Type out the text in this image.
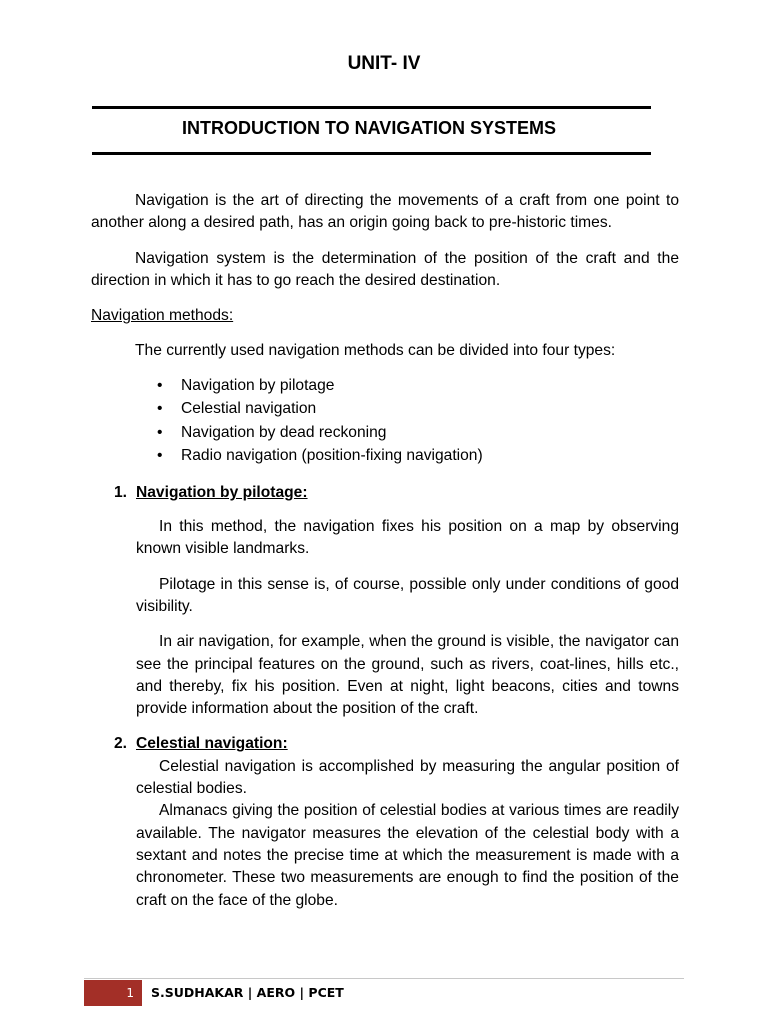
UNIT- IV
INTRODUCTION TO NAVIGATION SYSTEMS

Navigation is the art of directing the movements of a craft from one point to another along a desired path, has an origin going back to pre-historic times.

Navigation system is the determination of the position of the craft and the direction in which it has to go reach the desired destination.

Navigation methods:
The currently used navigation methods can be divided into four types:
• Navigation by pilotage
• Celestial navigation
• Navigation by dead reckoning
• Radio navigation (position-fixing navigation)
1. Navigation by pilotage:

In this method, the navigation fixes his position on a map by observing known visible landmarks.

Pilotage in this sense is, of course, possible only under conditions of good visibility.

In air navigation, for example, when the ground is visible, the navigator can see the principal features on the ground, such as rivers, coat-lines, hills etc., and thereby, fix his position. Even at night, light beacons, cities and towns provide information about the position of the craft.

2. Celestial navigation:

Celestial navigation is accomplished by measuring the angular position of celestial bodies.

Almanacs giving the position of celestial bodies at various times are readily available. The navigator measures the elevation of the celestial body with a sextant and notes the precise time at which the measurement is made with a chronometer. These two measurements are enough to find the position of the craft on the face of the globe.

1	S.SUDHAKAR | AERO | PCET
